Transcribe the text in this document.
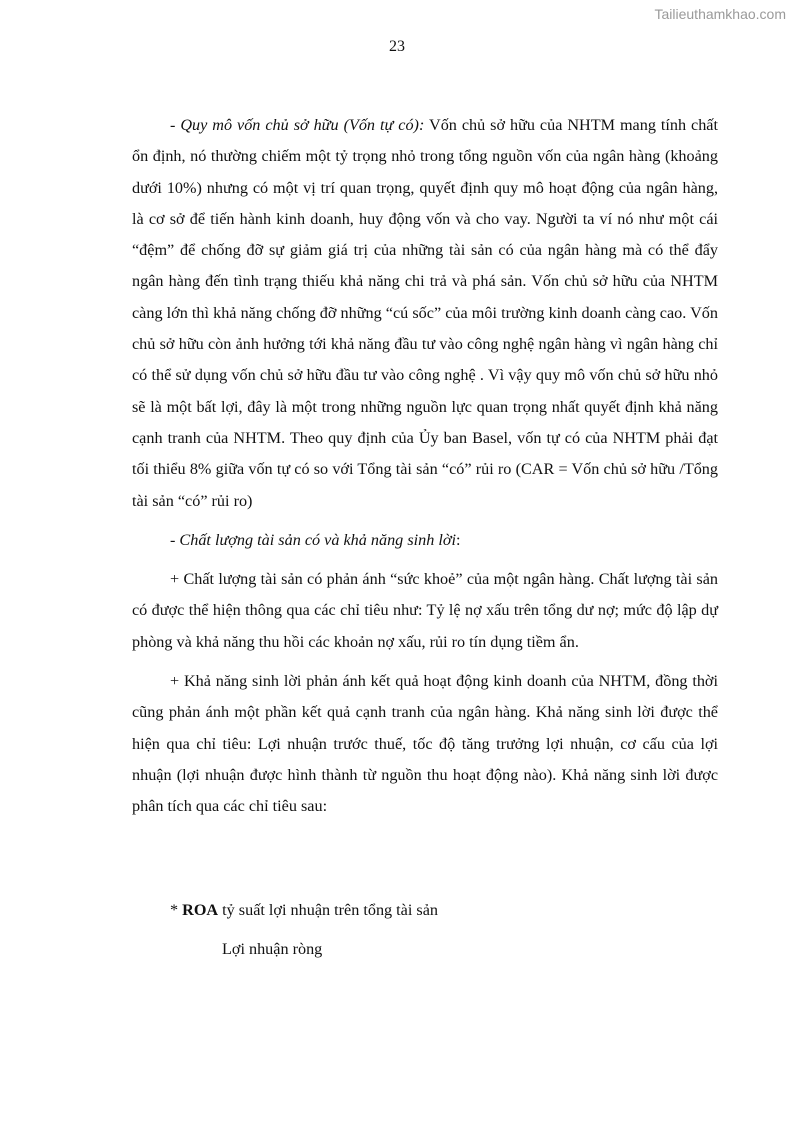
Tailieuthamkhao.com
23

- Quy mô vốn chủ sở hữu (Vốn tự có): Vốn chủ sở hữu của NHTM mang tính chất ổn định, nó thường chiếm một tỷ trọng nhỏ trong tổng nguồn vốn của ngân hàng (khoảng dưới 10%) nhưng có một vị trí quan trọng, quyết định quy mô hoạt động của ngân hàng, là cơ sở để tiến hành kinh doanh, huy động vốn và cho vay. Người ta ví nó như một cái “đệm” để chống đỡ sự giảm giá trị của những tài sản có của ngân hàng mà có thể đẩy ngân hàng đến tình trạng thiếu khả năng chi trả và phá sản. Vốn chủ sở hữu của NHTM càng lớn thì khả năng chống đỡ những “cú sốc” của môi trường kinh doanh càng cao. Vốn chủ sở hữu còn ảnh hưởng tới khả năng đầu tư vào công nghệ ngân hàng vì ngân hàng chỉ có thể sử dụng vốn chủ sở hữu đầu tư vào công nghệ . Vì vậy quy mô vốn chủ sở hữu nhỏ sẽ là một bất lợi, đây là một trong những nguồn lực quan trọng nhất quyết định khả năng cạnh tranh của NHTM. Theo quy định của Ủy ban Basel, vốn tự có của NHTM phải đạt tối thiểu 8% giữa vốn tự có so với Tổng tài sản “có” rủi ro (CAR = Vốn chủ sở hữu /Tổng tài sản “có” rủi ro)

- Chất lượng tài sản có và khả năng sinh lời:

+ Chất lượng tài sản có phản ánh “sức khoẻ” của một ngân hàng. Chất lượng tài sản có được thể hiện thông qua các chỉ tiêu như: Tỷ lệ nợ xấu trên tổng dư nợ; mức độ lập dự phòng và khả năng thu hồi các khoản nợ xấu, rủi ro tín dụng tiềm ẩn.

+ Khả năng sinh lời phản ánh kết quả hoạt động kinh doanh của NHTM, đồng thời cũng phản ánh một phần kết quả cạnh tranh của ngân hàng. Khả năng sinh lời được thể hiện qua chỉ tiêu: Lợi nhuận trước thuế, tốc độ tăng trưởng lợi nhuận, cơ cấu của lợi nhuận (lợi nhuận được hình thành từ nguồn thu hoạt động nào). Khả năng sinh lời được phân tích qua các chỉ tiêu sau:

* ROA tỷ suất lợi nhuận trên tổng tài sản
Lợi nhuận ròng
